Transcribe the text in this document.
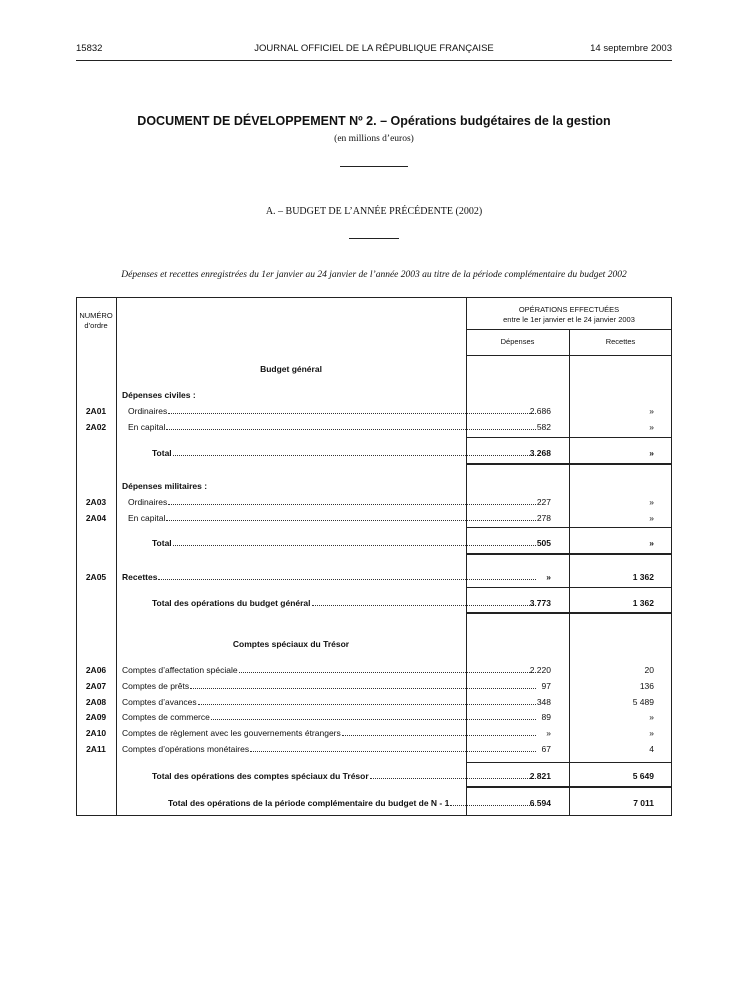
15832	JOURNAL OFFICIEL DE LA RÉPUBLIQUE FRANÇAISE	14 septembre 2003
DOCUMENT DE DÉVELOPPEMENT Nº 2. – Opérations budgétaires de la gestion
(en millions d’euros)
A. – BUDGET DE L’ANNÉE PRÉCÉDENTE (2002)
Dépenses et recettes enregistrées du 1er janvier au 24 janvier de l’année 2003 au titre de la période complémentaire du budget 2002
NUMÉRO
d’ordre
OPÉRATIONS EFFECTUÉES
entre le 1er janvier et le 24 janvier 2003
Dépenses	Recettes
Budget général
Dépenses civiles :
Dépenses militaires :
Comptes spéciaux du Trésor
2A01	Ordinaires	2 686	»
2A02	En capital	582	»
Total	3 268	»
2A03	Ordinaires	227	»
2A04	En capital	278	»
Total	505	»
2A05	Recettes	»	1 362
Total des opérations du budget général	3 773	1 362
2A06	Comptes d’affectation spéciale	2 220	20
2A07	Comptes de prêts	97	136
2A08	Comptes d’avances	348	5 489
2A09	Comptes de commerce	89	»
2A10	Comptes de règlement avec les gouvernements étrangers	»	»
2A11	Comptes d’opérations monétaires	67	4
Total des opérations des comptes spéciaux du Trésor	2 821	5 649
Total des opérations de la période complémentaire du budget de N - 1	6 594	7 011
